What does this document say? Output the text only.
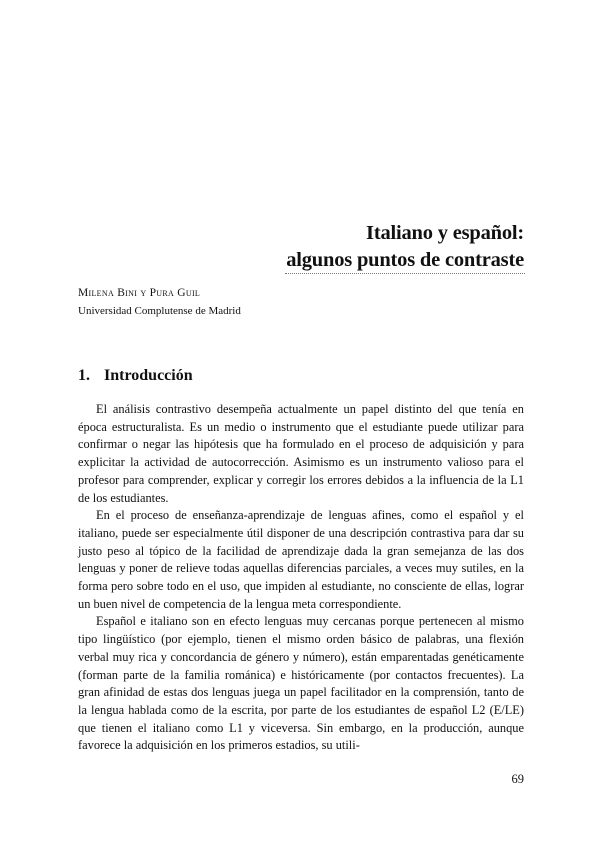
Italiano y español:
algunos puntos de contraste
Milena Bini y Pura Guil
Universidad Complutense de Madrid
1. Introducción

El análisis contrastivo desempeña actualmente un papel distinto del que tenía en época estructuralista. Es un medio o instrumento que el estudiante puede utilizar para confirmar o negar las hipótesis que ha formulado en el proceso de adquisición y para explicitar la actividad de autocorrección. Asimismo es un instrumento valioso para el profesor para comprender, explicar y corregir los errores debidos a la influencia de la L1 de los estudiantes.

En el proceso de enseñanza-aprendizaje de lenguas afines, como el español y el italiano, puede ser especialmente útil disponer de una descripción contrastiva para dar su justo peso al tópico de la facilidad de aprendizaje dada la gran semejanza de las dos lenguas y poner de relieve todas aquellas diferencias parciales, a veces muy sutiles, en la forma pero sobre todo en el uso, que impiden al estudiante, no consciente de ellas, lograr un buen nivel de competencia de la lengua meta correspondiente.

Español e italiano son en efecto lenguas muy cercanas porque pertenecen al mismo tipo lingüístico (por ejemplo, tienen el mismo orden básico de palabras, una flexión verbal muy rica y concordancia de género y número), están emparentadas genéticamente (forman parte de la familia románica) e históricamente (por contactos frecuentes). La gran afinidad de estas dos lenguas juega un papel facilitador en la comprensión, tanto de la lengua hablada como de la escrita, por parte de los estudiantes de español L2 (E/LE) que tienen el italiano como L1 y viceversa. Sin embargo, en la producción, aunque favorece la adquisición en los primeros estadios, su utili-

69
